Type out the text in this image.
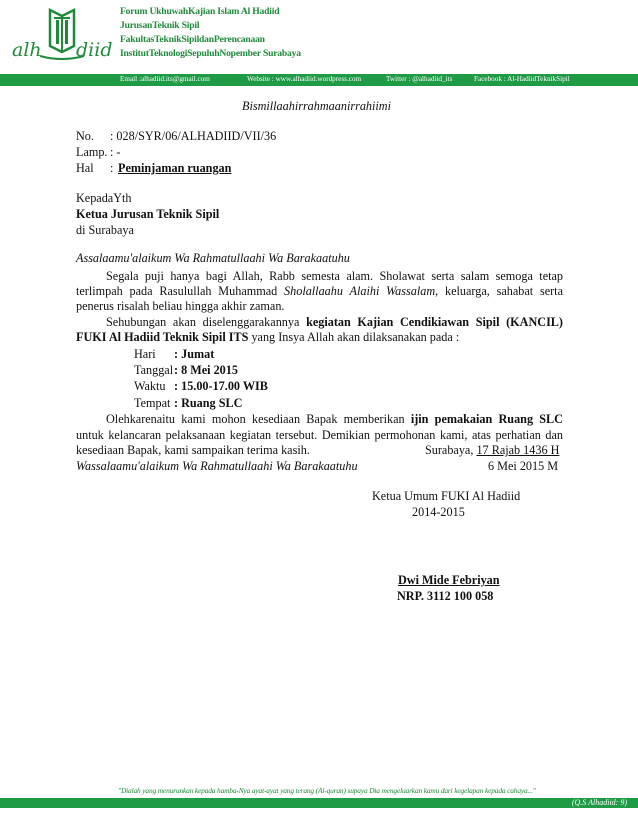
alh diid
Forum UkhuwahKajian Islam Al Hadiid
JurusanTeknik Sipil
FakultasTeknikSipildanPerencanaan
InstitutTeknologiSepuluhNopember Surabaya
Email :alhadiid.its@gmail.com	Website : www.alhadiid.wordpress.com	Twitter : @alhadiid_its	Facebook : Al-HadiidTeknikSipil
Bismillaahirrahmaanirrahiimi
No. : 028/SYR/06/ALHADIID/VII/36
Lamp. : -
Hal : Peminjaman ruangan
KepadaYth
Ketua Jurusan Teknik Sipil
di Surabaya
Assalaamu'alaikum Wa Rahmatullaahi Wa Barakaatuhu
Segala puji hanya bagi Allah, Rabb semesta alam. Sholawat serta salam semoga tetap
terlimpah pada Rasulullah Muhammad Sholallaahu Alaihi Wassalam, keluarga, sahabat serta
penerus risalah beliau hingga akhir zaman.
Sehubungan akan diselenggarakannya kegiatan Kajian Cendikiawan Sipil (KANCIL)
FUKI Al Hadiid Teknik Sipil ITS yang Insya Allah akan dilaksanakan pada :
Hari : Jumat
Tanggal : 8 Mei 2015
Waktu : 15.00-17.00 WIB
Tempat : Ruang SLC
Olehkarenaitu kami mohon kesediaan Bapak memberikan ijin pemakaian Ruang SLC
untuk kelancaran pelaksanaan kegiatan tersebut. Demikian permohonan kami, atas perhatian dan
kesediaan Bapak, kami sampaikan terima kasih.
Wassalaamu'alaikum Wa Rahmatullaahi Wa Barakaatuhu
Surabaya, 17 Rajab 1436 H
6 Mei 2015 M
Ketua Umum FUKI Al Hadiid
2014-2015
Dwi Mide Febriyan
NRP. 3112 100 058
"Dialah yang menurunkan kepada hamba-Nya ayat-ayat yang terang (Al-quran) supaya Dia mengeluarkan kamu dari kegelapan kepada cahaya..."
(Q.S Alhadiid: 9)
